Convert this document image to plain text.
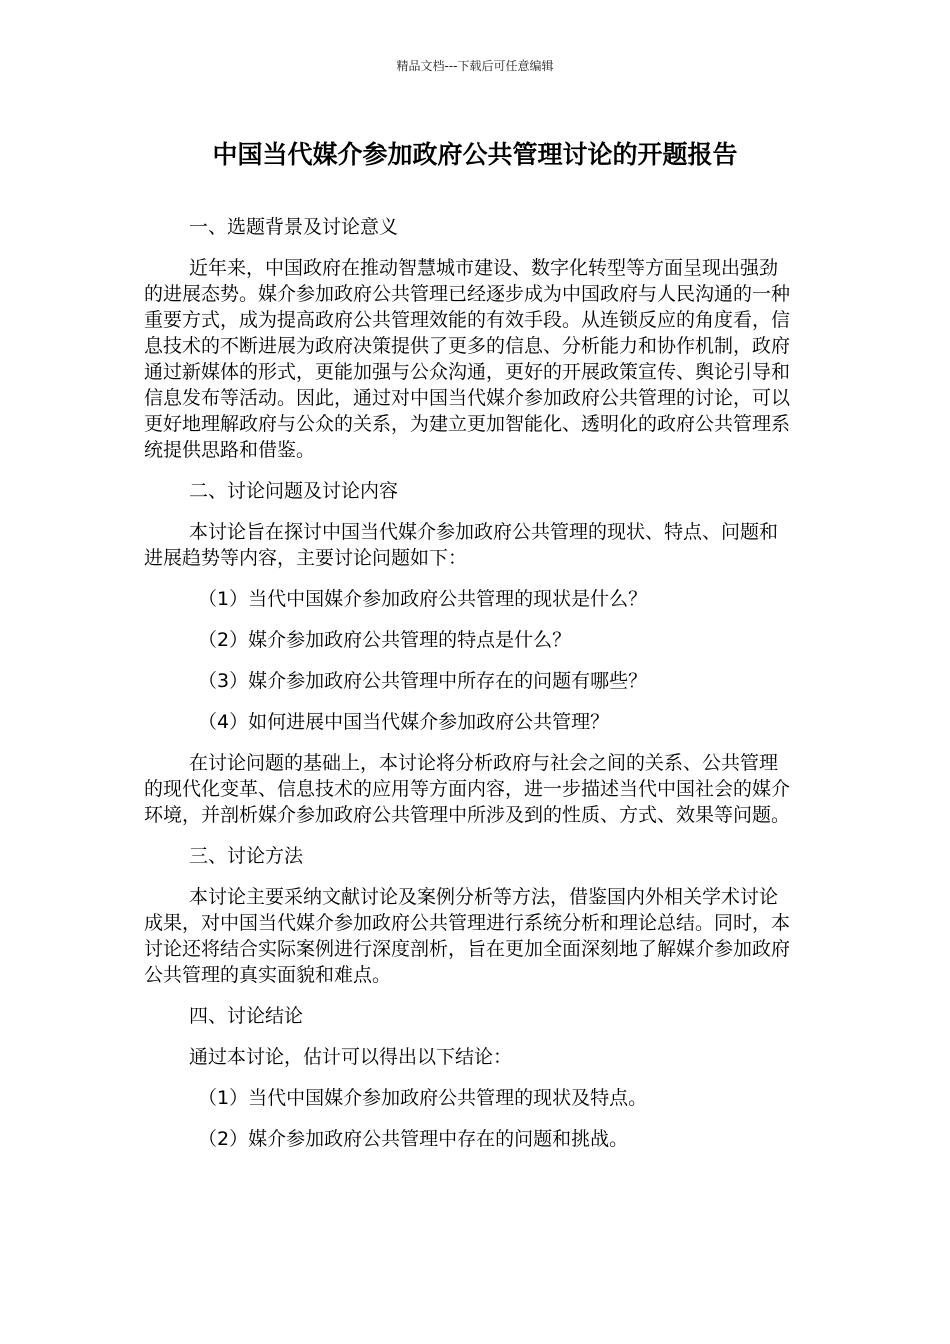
精品文档---下载后可任意编辑
中国当代媒介参加政府公共管理讨论的开题报告

一、选题背景及讨论意义

近年来，中国政府在推动智慧城市建设、数字化转型等方面呈现出强劲的进展态势。媒介参加政府公共管理已经逐步成为中国政府与人民沟通的一种重要方式，成为提高政府公共管理效能的有效手段。从连锁反应的角度看，信息技术的不断进展为政府决策提供了更多的信息、分析能力和协作机制，政府通过新媒体的形式，更能加强与公众沟通，更好的开展政策宣传、舆论引导和信息发布等活动。因此，通过对中国当代媒介参加政府公共管理的讨论，可以更好地理解政府与公众的关系，为建立更加智能化、透明化的政府公共管理系统提供思路和借鉴。

二、讨论问题及讨论内容

本讨论旨在探讨中国当代媒介参加政府公共管理的现状、特点、问题和进展趋势等内容，主要讨论问题如下：

（1）当代中国媒介参加政府公共管理的现状是什么？

（2）媒介参加政府公共管理的特点是什么？

（3）媒介参加政府公共管理中所存在的问题有哪些？

（4）如何进展中国当代媒介参加政府公共管理？

在讨论问题的基础上，本讨论将分析政府与社会之间的关系、公共管理的现代化变革、信息技术的应用等方面内容，进一步描述当代中国社会的媒介环境，并剖析媒介参加政府公共管理中所涉及到的性质、方式、效果等问题。

三、讨论方法

本讨论主要采纳文献讨论及案例分析等方法，借鉴国内外相关学术讨论成果，对中国当代媒介参加政府公共管理进行系统分析和理论总结。同时，本讨论还将结合实际案例进行深度剖析，旨在更加全面深刻地了解媒介参加政府公共管理的真实面貌和难点。

四、讨论结论

通过本讨论，估计可以得出以下结论：

（1）当代中国媒介参加政府公共管理的现状及特点。

（2）媒介参加政府公共管理中存在的问题和挑战。
